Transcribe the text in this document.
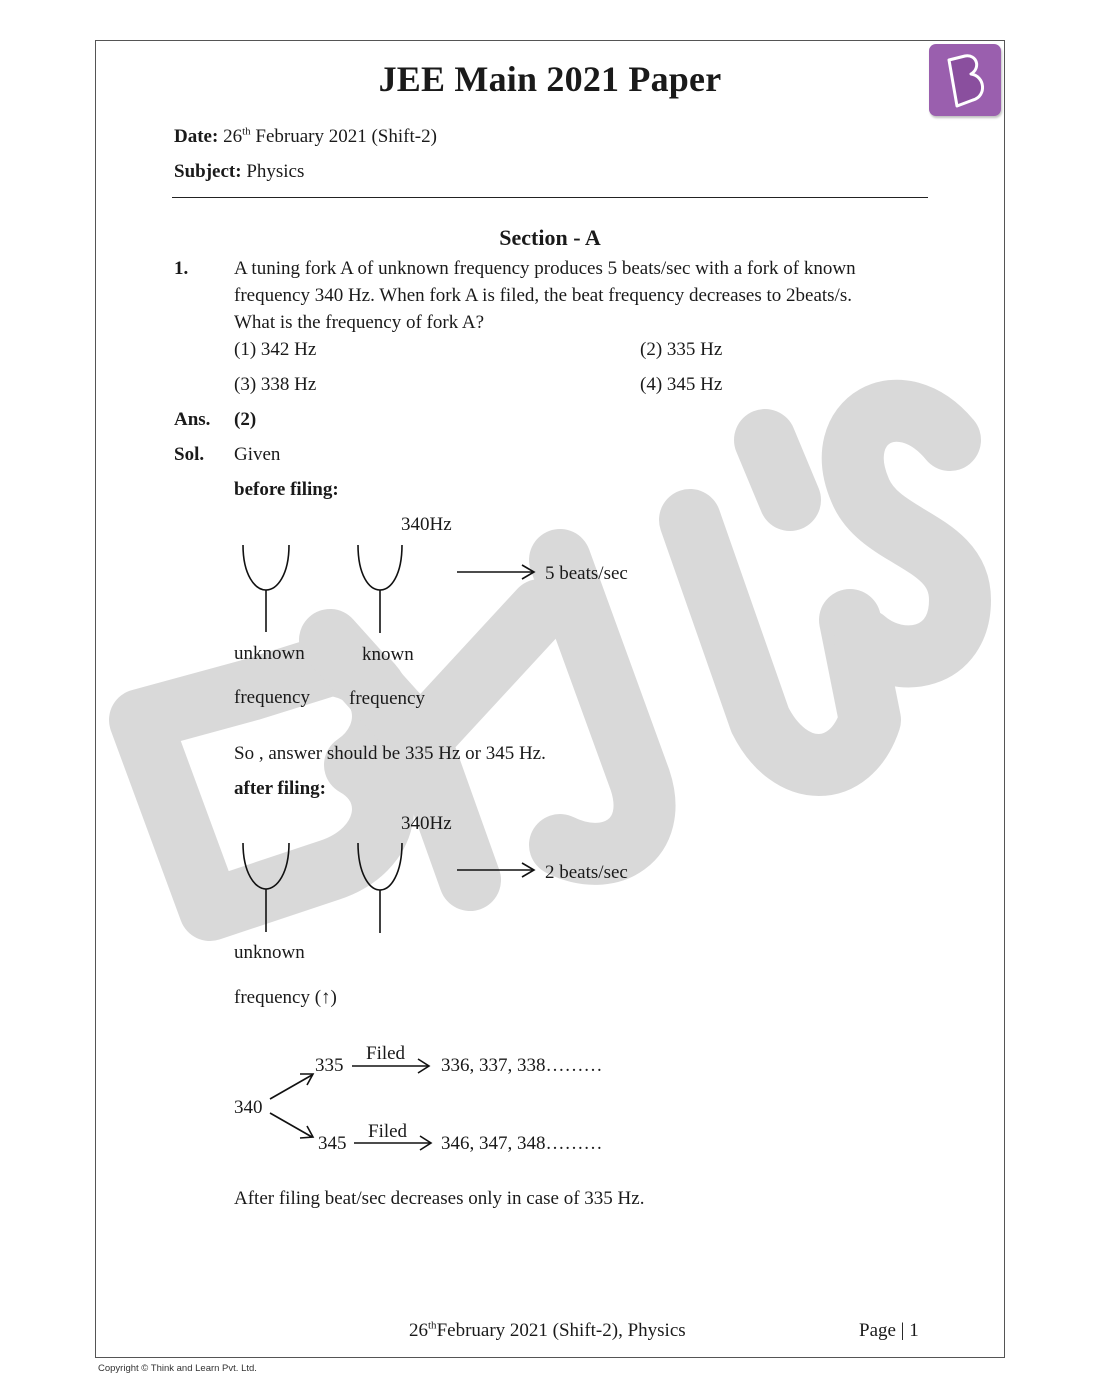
JEE Main 2021 Paper
Date: 26th February 2021 (Shift-2)
Subject: Physics
Section - A
1. A tuning fork A of unknown frequency produces 5 beats/sec with a fork of known
frequency 340 Hz. When fork A is filed, the beat frequency decreases to 2beats/s.
What is the frequency of fork A?
(1) 342 Hz	(2) 335 Hz
(3) 338 Hz	(4) 345 Hz
Ans. (2)
Sol. Given
before filing:
340Hz
5 beats/sec
unknown	known
frequency frequency
So , answer should be 335 Hz or 345 Hz.
after filing:
340Hz
2 beats/sec
unknown
frequency (↑)
340
335
Filed
336, 337, 338………
345
Filed
346, 347, 348………
After filing beat/sec decreases only in case of 335 Hz.
26thFebruary 2021 (Shift-2), Physics	Page | 1
Copyright © Think and Learn Pvt. Ltd.
